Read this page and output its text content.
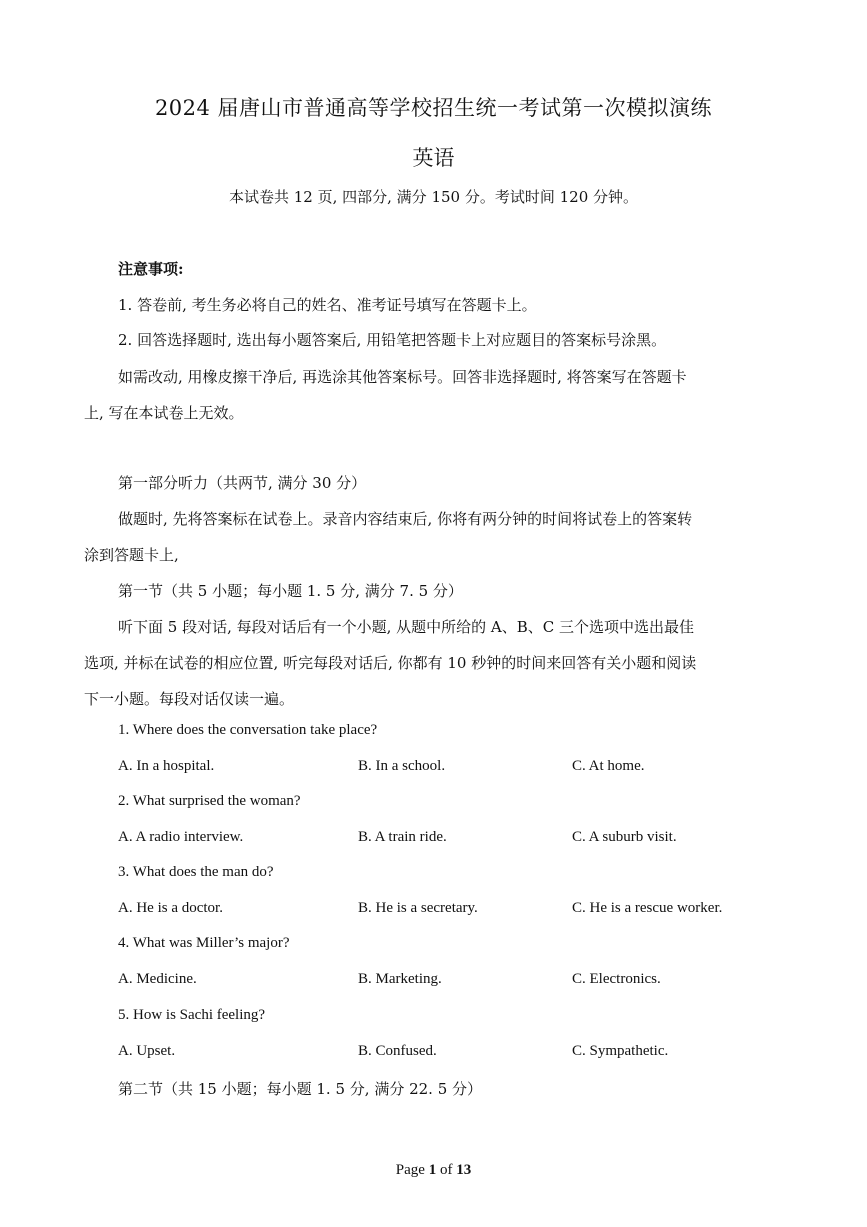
2024 届唐山市普通高等学校招生统一考试第一次模拟演练
英语
本试卷共 12 页, 四部分, 满分 150 分。考试时间 120 分钟。
注意事项:
1. 答卷前, 考生务必将自己的姓名、准考证号填写在答题卡上。
2. 回答选择题时, 选出每小题答案后, 用铅笔把答题卡上对应题目的答案标号涂黑。
如需改动, 用橡皮擦干净后, 再选涂其他答案标号。回答非选择题时, 将答案写在答题卡
上, 写在本试卷上无效。
第一部分听力（共两节, 满分 30 分）
做题时, 先将答案标在试卷上。录音内容结束后, 你将有两分钟的时间将试卷上的答案转
涂到答题卡上,
第一节（共 5 小题；每小题 1. 5 分, 满分 7. 5 分）
听下面 5 段对话, 每段对话后有一个小题, 从题中所给的 A、B、C 三个选项中选出最佳
选项, 并标在试卷的相应位置, 听完每段对话后, 你都有 10 秒钟的时间来回答有关小题和阅读
下一小题。每段对话仅读一遍。
1. Where does the conversation take place?
A. In a hospital.	B. In a school.	C. At home.
2. What surprised the woman?
A. A radio interview.	B. A train ride.	C. A suburb visit.
3. What does the man do?
A. He is a doctor.	B. He is a secretary.	C. He is a rescue worker.
4. What was Miller’s major?
A. Medicine.	B. Marketing.	C. Electronics.
5. How is Sachi feeling?
A. Upset.	B. Confused.	C. Sympathetic.
第二节（共 15 小题；每小题 1. 5 分, 满分 22. 5 分）
Page 1 of 13
